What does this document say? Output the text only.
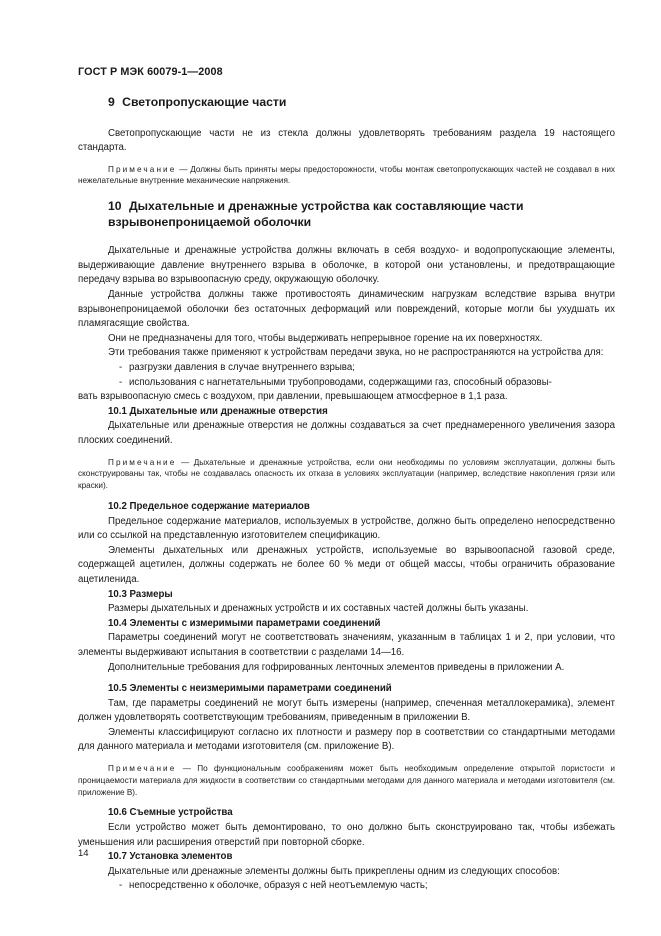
ГОСТ Р МЭК 60079-1—2008
9 Светопропускающие части

Светопропускающие части не из стекла должны удовлетворять требованиям раздела 19 настоящего стандарта.

Примечание — Должны быть приняты меры предосторожности, чтобы монтаж светопропускающих частей не создавал в них нежелательные внутренние механические напряжения.

10 Дыхательные и дренажные устройства как составляющие части
взрывонепроницаемой оболочки

Дыхательные и дренажные устройства должны включать в себя воздухо- и водопропускающие элементы, выдерживающие давление внутреннего взрыва в оболочке, в которой они установлены, и предотвращающие передачу взрыва во взрывоопасную среду, окружающую оболочку.

Данные устройства должны также противостоять динамическим нагрузкам вследствие взрыва внутри взрывонепроницаемой оболочки без остаточных деформаций или повреждений, которые могли бы ухудшать их пламягасящие свойства.

Они не предназначены для того, чтобы выдерживать непрерывное горение на их поверхностях.

Эти требования также применяют к устройствам передачи звука, но не распространяются на устройства для:

- разгрузки давления в случае внутреннего взрыва;

- использования с нагнетательными трубопроводами, содержащими газ, способный образовы-

вать взрывоопасную смесь с воздухом, при давлении, превышающем атмосферное в 1,1 раза.

10.1 Дыхательные или дренажные отверстия

Дыхательные или дренажные отверстия не должны создаваться за счет преднамеренного увеличения зазора плоских соединений.

Примечание — Дыхательные и дренажные устройства, если они необходимы по условиям эксплуатации, должны быть сконструированы так, чтобы не создавалась опасность их отказа в условиях эксплуатации (например, вследствие накопления грязи или краски).

10.2 Предельное содержание материалов

Предельное содержание материалов, используемых в устройстве, должно быть определено непосредственно или со ссылкой на представленную изготовителем спецификацию.

Элементы дыхательных или дренажных устройств, используемые во взрывоопасной газовой среде, содержащей ацетилен, должны содержать не более 60 % меди от общей массы, чтобы ограничить образование ацетиленида.

10.3 Размеры

Размеры дыхательных и дренажных устройств и их составных частей должны быть указаны.

10.4 Элементы с измеримыми параметрами соединений

Параметры соединений могут не соответствовать значениям, указанным в таблицах 1 и 2, при условии, что элементы выдерживают испытания в соответствии с разделами 14—16.

Дополнительные требования для гофрированных ленточных элементов приведены в приложении А.

10.5 Элементы с неизмеримыми параметрами соединений

Там, где параметры соединений не могут быть измерены (например, спеченная металлокерамика), элемент должен удовлетворять соответствующим требованиям, приведенным в приложении В.

Элементы классифицируют согласно их плотности и размеру пор в соответствии со стандартными методами для данного материала и методами изготовителя (см. приложение В).

Примечание — По функциональным соображениям может быть необходимым определение открытой пористости и проницаемости материала для жидкости в соответствии со стандартными методами для данного материала и методами изготовителя (см. приложение В).

10.6 Съемные устройства

Если устройство может быть демонтировано, то оно должно быть сконструировано так, чтобы избежать уменьшения или расширения отверстий при повторной сборке.

10.7 Установка элементов

Дыхательные или дренажные элементы должны быть прикреплены одним из следующих способов:

- непосредственно к оболочке, образуя с ней неотъемлемую часть;

14
